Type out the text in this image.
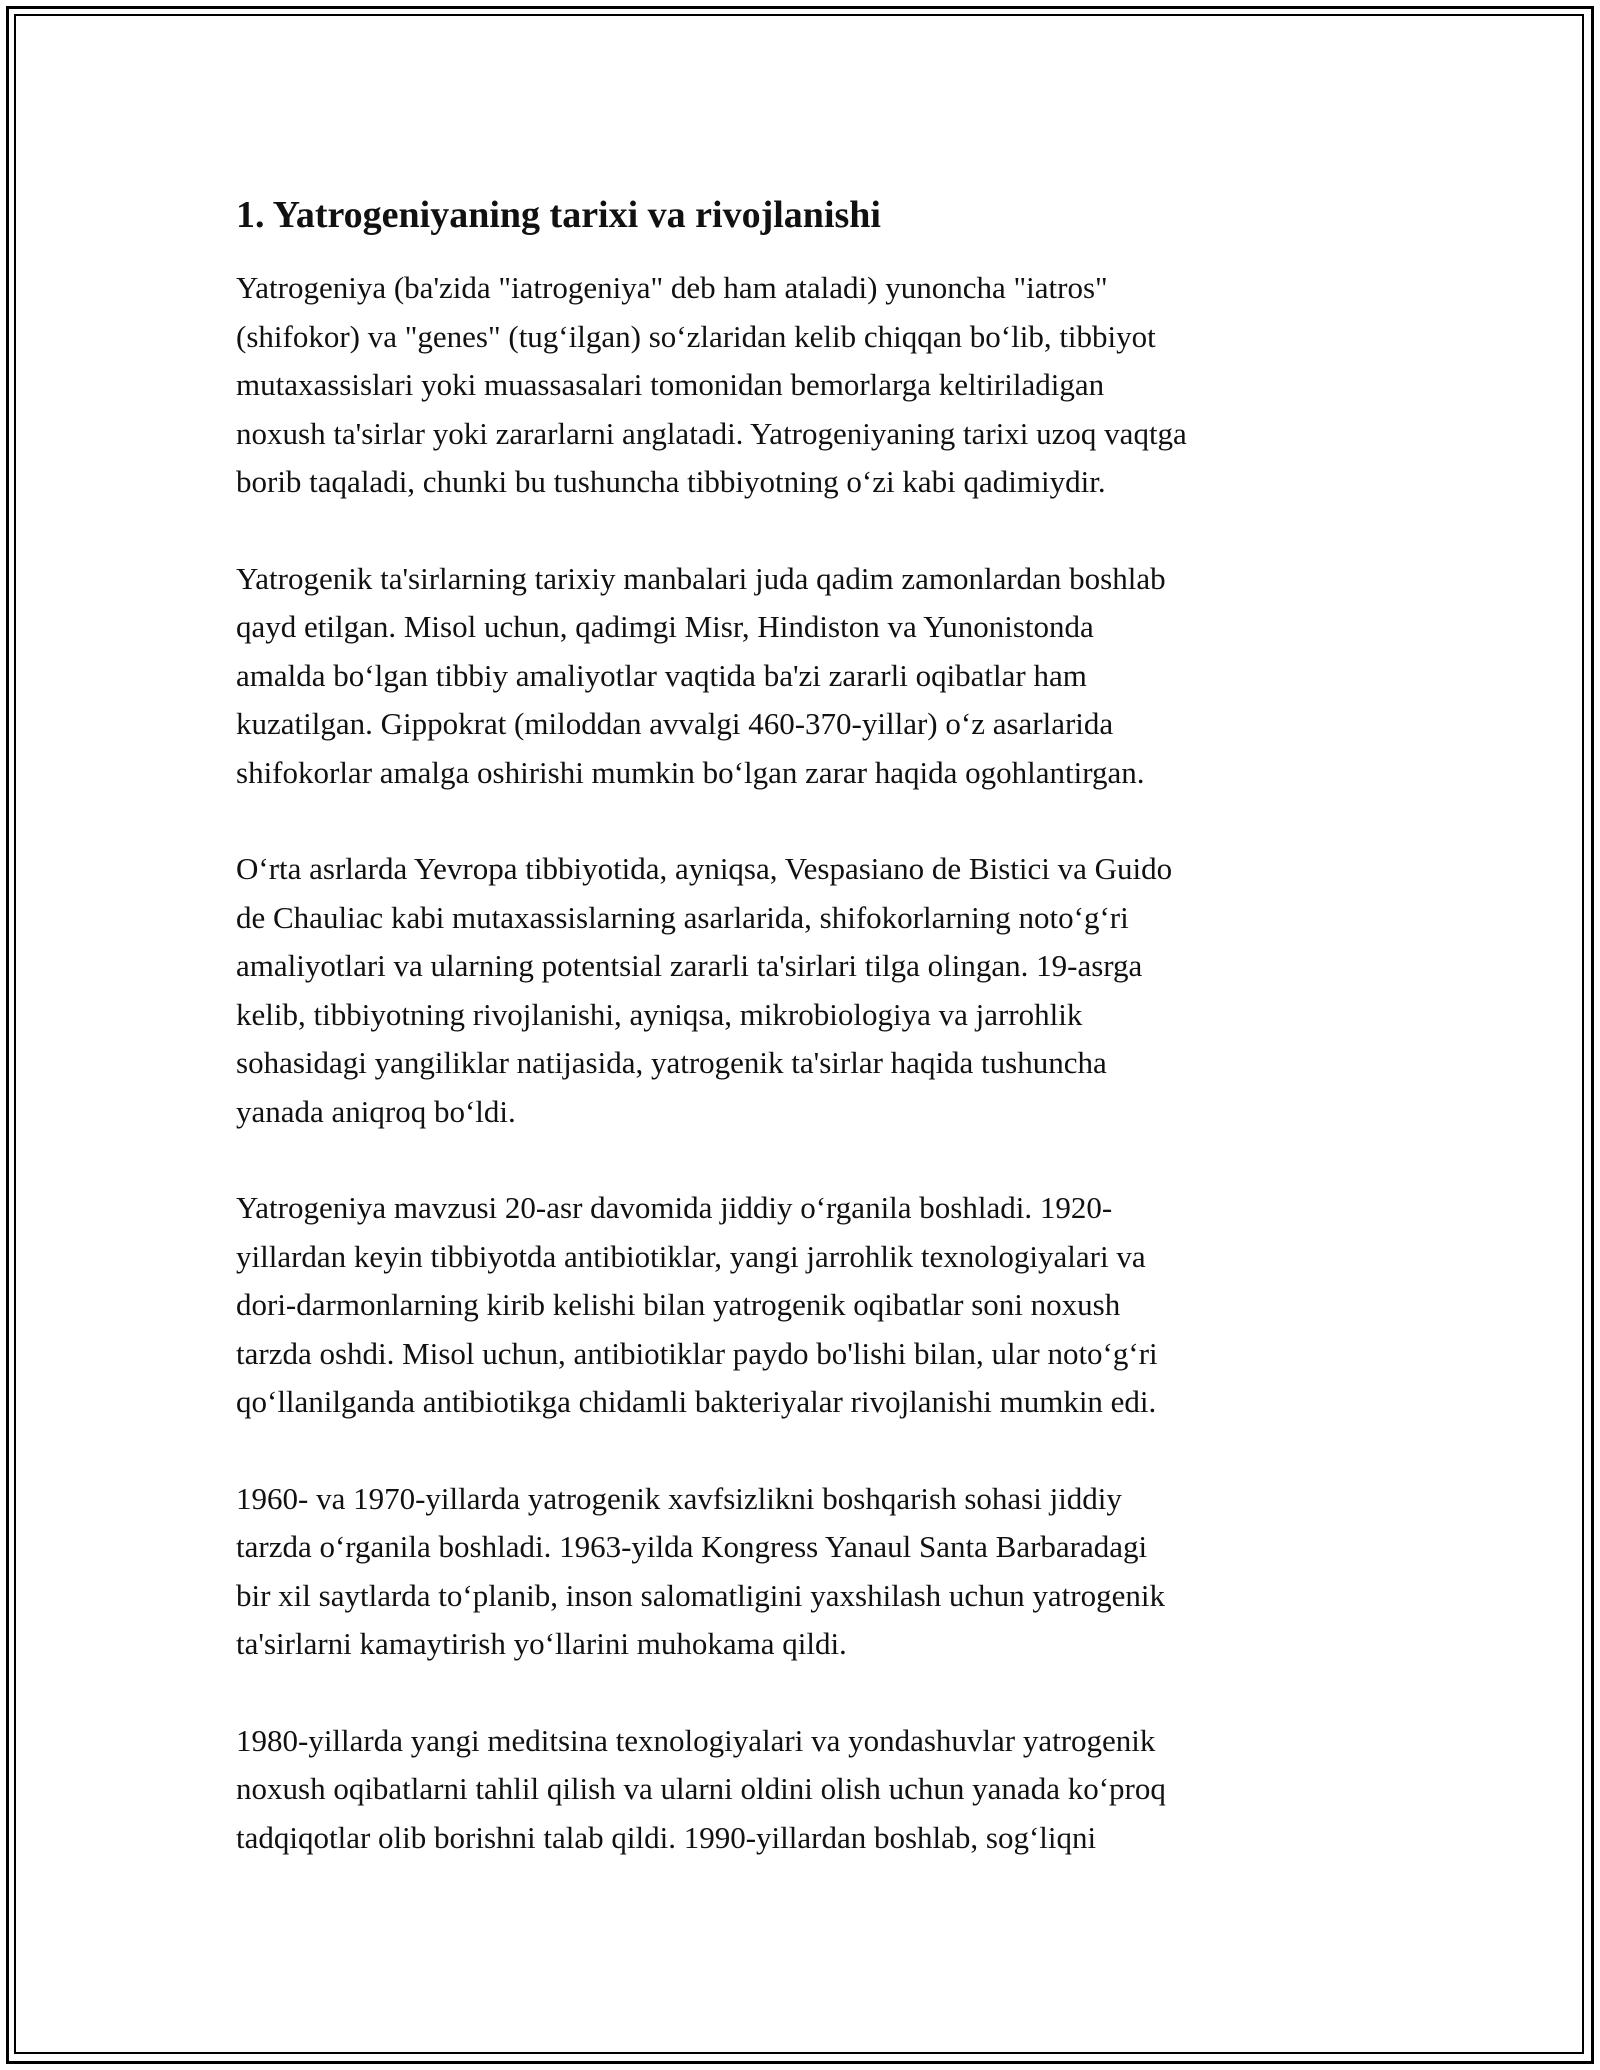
1. Yatrogeniyaning tarixi va rivojlanishi

Yatrogeniya (ba'zida "iatrogeniya" deb ham ataladi) yunoncha "iatros"
(shifokor) va "genes" (tug‘ilgan) so‘zlaridan kelib chiqqan bo‘lib, tibbiyot
mutaxassislari yoki muassasalari tomonidan bemorlarga keltiriladigan
noxush ta'sirlar yoki zararlarni anglatadi. Yatrogeniyaning tarixi uzoq vaqtga
borib taqaladi, chunki bu tushuncha tibbiyotning o‘zi kabi qadimiydir.

Yatrogenik ta'sirlarning tarixiy manbalari juda qadim zamonlardan boshlab
qayd etilgan. Misol uchun, qadimgi Misr, Hindiston va Yunonistonda
amalda bo‘lgan tibbiy amaliyotlar vaqtida ba'zi zararli oqibatlar ham
kuzatilgan. Gippokrat (miloddan avvalgi 460-370-yillar) o‘z asarlarida
shifokorlar amalga oshirishi mumkin bo‘lgan zarar haqida ogohlantirgan.

O‘rta asrlarda Yevropa tibbiyotida, ayniqsa, Vespasiano de Bistici va Guido
de Chauliac kabi mutaxassislarning asarlarida, shifokorlarning noto‘g‘ri
amaliyotlari va ularning potentsial zararli ta'sirlari tilga olingan. 19-asrga
kelib, tibbiyotning rivojlanishi, ayniqsa, mikrobiologiya va jarrohlik
sohasidagi yangiliklar natijasida, yatrogenik ta'sirlar haqida tushuncha
yanada aniqroq bo‘ldi.

Yatrogeniya mavzusi 20-asr davomida jiddiy o‘rganila boshladi. 1920-
yillardan keyin tibbiyotda antibiotiklar, yangi jarrohlik texnologiyalari va
dori-darmonlarning kirib kelishi bilan yatrogenik oqibatlar soni noxush
tarzda oshdi. Misol uchun, antibiotiklar paydo bo'lishi bilan, ular noto‘g‘ri
qo‘llanilganda antibiotikga chidamli bakteriyalar rivojlanishi mumkin edi.

1960- va 1970-yillarda yatrogenik xavfsizlikni boshqarish sohasi jiddiy
tarzda o‘rganila boshladi. 1963-yilda Kongress Yanaul Santa Barbaradagi
bir xil saytlarda to‘planib, inson salomatligini yaxshilash uchun yatrogenik
ta'sirlarni kamaytirish yo‘llarini muhokama qildi.

1980-yillarda yangi meditsina texnologiyalari va yondashuvlar yatrogenik
noxush oqibatlarni tahlil qilish va ularni oldini olish uchun yanada ko‘proq
tadqiqotlar olib borishni talab qildi. 1990-yillardan boshlab, sog‘liqni
